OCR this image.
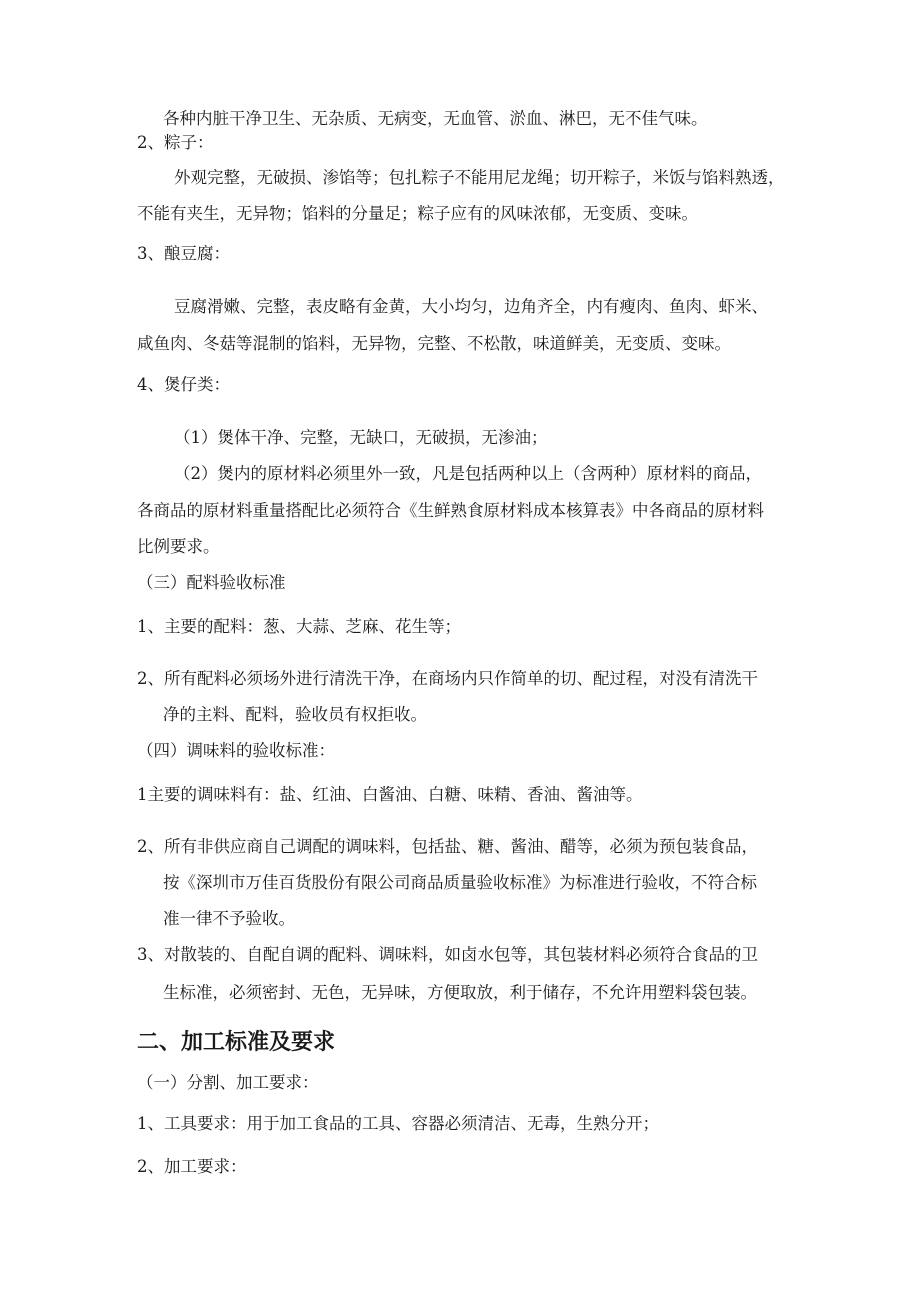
各种内脏干净卫生、无杂质、无病变，无血管、淤血、淋巴，无不佳气味。
2、粽子：
外观完整，无破损、渗馅等；包扎粽子不能用尼龙绳；切开粽子，米饭与馅料熟透，
不能有夹生，无异物；馅料的分量足；粽子应有的风味浓郁，无变质、变味。
3、酿豆腐：
豆腐滑嫩、完整，表皮略有金黄，大小均匀，边角齐全，内有瘦肉、鱼肉、虾米、
咸鱼肉、冬菇等混制的馅料，无异物，完整、不松散，味道鲜美，无变质、变味。
4、煲仔类：
（1）煲体干净、完整，无缺口，无破损，无渗油；
（2）煲内的原材料必须里外一致，凡是包括两种以上（含两种）原材料的商品，
各商品的原材料重量搭配比必须符合《生鲜熟食原材料成本核算表》中各商品的原材料
比例要求。
（三）配料验收标准
1、主要的配料：葱、大蒜、芝麻、花生等；
2、所有配料必须场外进行清洗干净，在商场内只作简单的切、配过程，对没有清洗干
净的主料、配料，验收员有权拒收。
（四）调味料的验收标准：
1主要的调味料有：盐、红油、白酱油、白糖、味精、香油、酱油等。
2、所有非供应商自己调配的调味料，包括盐、糖、酱油、醋等，必须为预包装食品，
按《深圳市万佳百货股份有限公司商品质量验收标准》为标准进行验收，不符合标
准一律不予验收。
3、对散装的、自配自调的配料、调味料，如卤水包等，其包装材料必须符合食品的卫
生标准，必须密封、无色，无异味，方便取放，利于储存，不允许用塑料袋包装。
二、加工标准及要求
（一）分割、加工要求：
1、工具要求：用于加工食品的工具、容器必须清洁、无毒，生熟分开；
2、加工要求：
